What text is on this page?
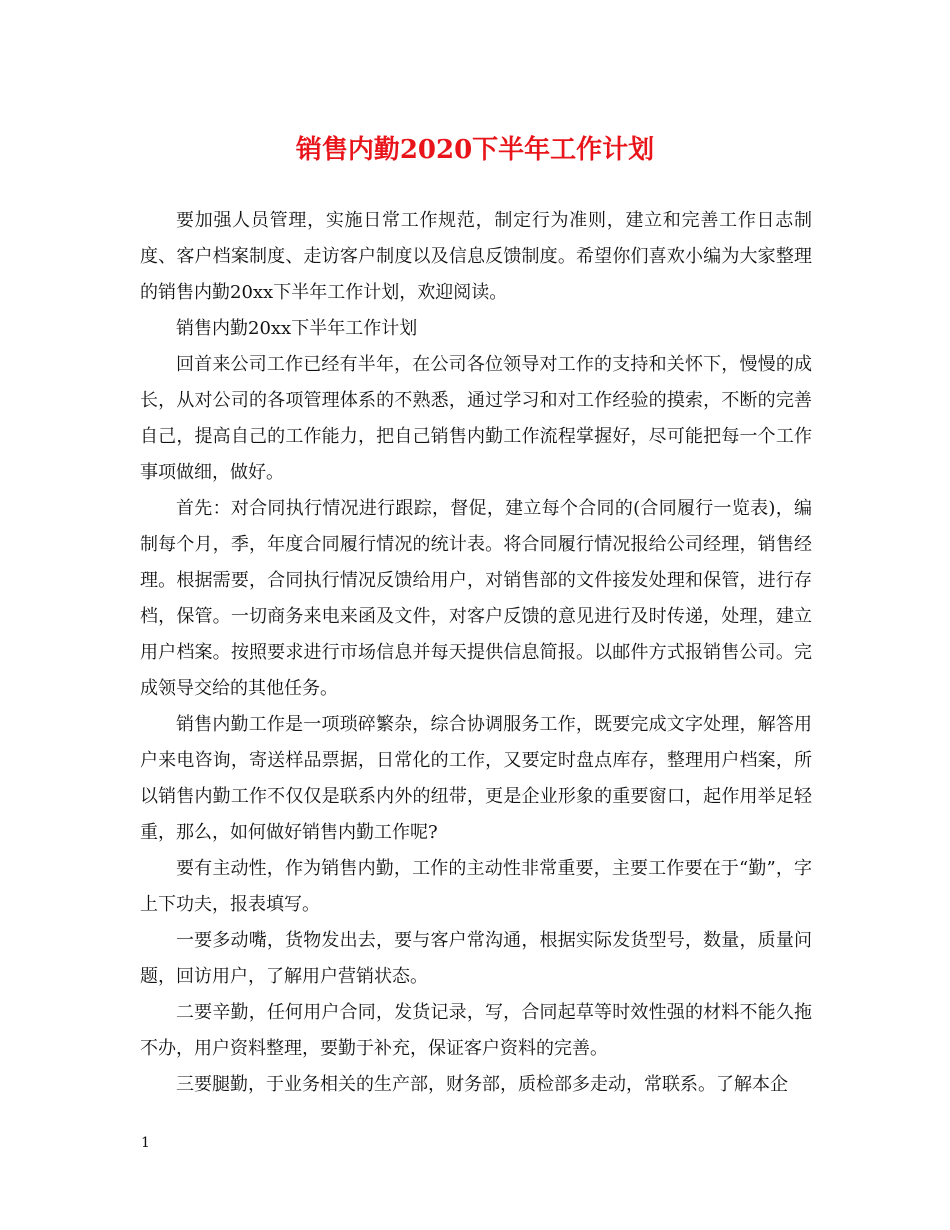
销售内勤2020下半年工作计划

要加强人员管理，实施日常工作规范，制定行为准则，建立和完善工作日志制度、客户档案制度、走访客户制度以及信息反馈制度。希望你们喜欢小编为大家整理的销售内勤20xx下半年工作计划，欢迎阅读。

销售内勤20xx下半年工作计划

回首来公司工作已经有半年，在公司各位领导对工作的支持和关怀下，慢慢的成长，从对公司的各项管理体系的不熟悉，通过学习和对工作经验的摸索，不断的完善自己，提高自己的工作能力，把自己销售内勤工作流程掌握好，尽可能把每一个工作事项做细，做好。

首先：对合同执行情况进行跟踪，督促，建立每个合同的(合同履行一览表)，编制每个月，季，年度合同履行情况的统计表。将合同履行情况报给公司经理，销售经理。根据需要，合同执行情况反馈给用户，对销售部的文件接发处理和保管，进行存档，保管。一切商务来电来函及文件，对客户反馈的意见进行及时传递，处理，建立用户档案。按照要求进行市场信息并每天提供信息简报。以邮件方式报销售公司。完成领导交给的其他任务。

销售内勤工作是一项琐碎繁杂，综合协调服务工作，既要完成文字处理，解答用户来电咨询，寄送样品票据，日常化的工作，又要定时盘点库存，整理用户档案，所以销售内勤工作不仅仅是联系内外的纽带，更是企业形象的重要窗口，起作用举足轻重，那么，如何做好销售内勤工作呢?

要有主动性，作为销售内勤，工作的主动性非常重要，主要工作要在于“勤”，字上下功夫，报表填写。

一要多动嘴，货物发出去，要与客户常沟通，根据实际发货型号，数量，质量问题，回访用户，了解用户营销状态。

二要辛勤，任何用户合同，发货记录，写，合同起草等时效性强的材料不能久拖不办，用户资料整理，要勤于补充，保证客户资料的完善。

三要腿勤，于业务相关的生产部，财务部，质检部多走动，常联系。了解本企

1
